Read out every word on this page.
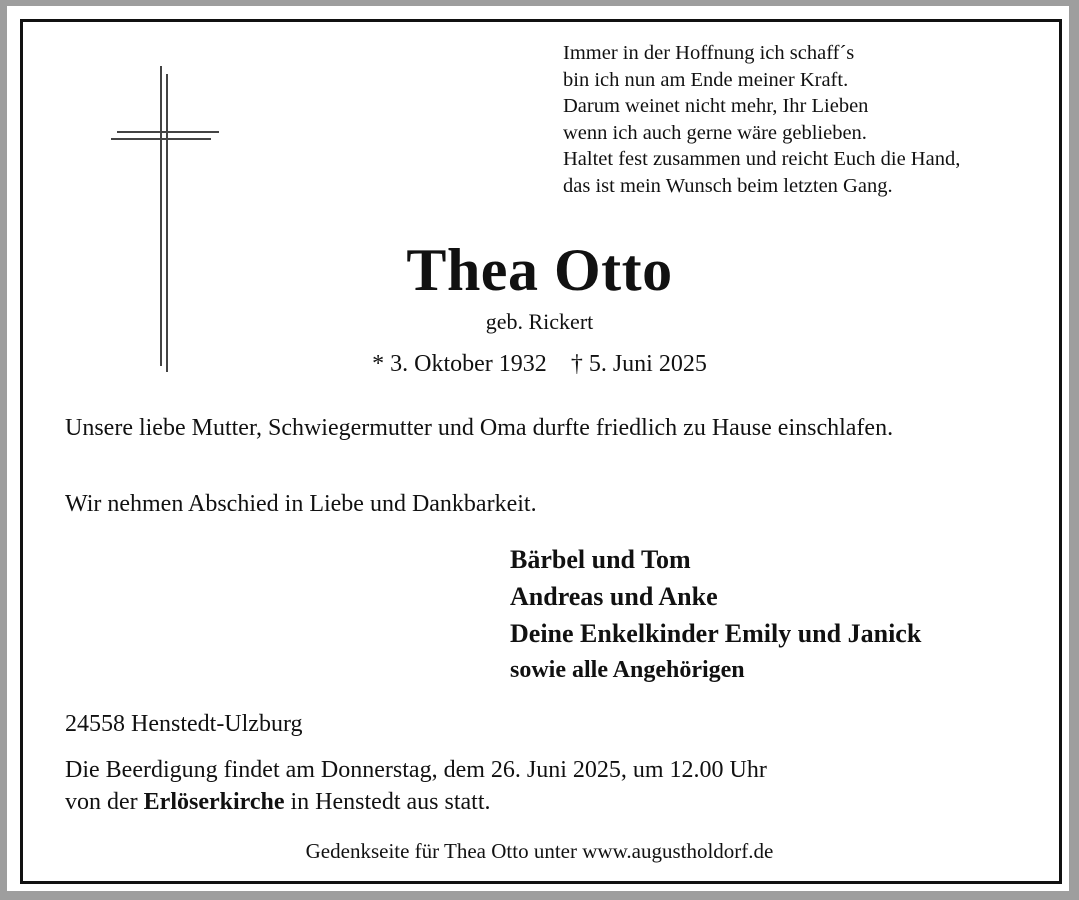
Immer in der Hoffnung ich schaff´s
bin ich nun am Ende meiner Kraft.
Darum weinet nicht mehr, Ihr Lieben
wenn ich auch gerne wäre geblieben.
Haltet fest zusammen und reicht Euch die Hand,
das ist mein Wunsch beim letzten Gang.
Thea Otto
geb. Rickert
* 3. Oktober 1932 † 5. Juni 2025
Unsere liebe Mutter, Schwiegermutter und Oma durfte friedlich zu Hause einschlafen.
Wir nehmen Abschied in Liebe und Dankbarkeit.
Bärbel und Tom
Andreas und Anke
Deine Enkelkinder Emily und Janick
sowie alle Angehörigen
24558 Henstedt-Ulzburg
Die Beerdigung findet am Donnerstag, dem 26. Juni 2025, um 12.00 Uhr
von der Erlöserkirche in Henstedt aus statt.
Gedenkseite für Thea Otto unter www.augustholdorf.de
